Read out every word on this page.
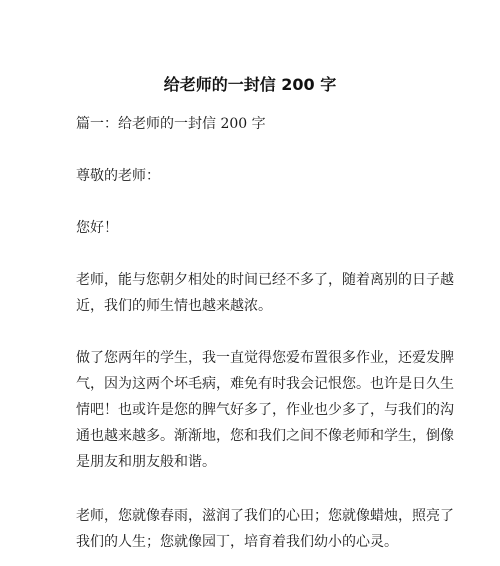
给老师的一封信 200 字
篇一：给老师的一封信 200 字
尊敬的老师：
您好！
老师，能与您朝夕相处的时间已经不多了，随着离别的日子越
近，我们的师生情也越来越浓。
做了您两年的学生，我一直觉得您爱布置很多作业，还爱发脾
气，因为这两个坏毛病，难免有时我会记恨您。也许是日久生
情吧！也或许是您的脾气好多了，作业也少多了，与我们的沟
通也越来越多。渐渐地，您和我们之间不像老师和学生，倒像
是朋友和朋友般和谐。
老师，您就像春雨，滋润了我们的心田；您就像蜡烛，照亮了
我们的人生；您就像园丁，培育着我们幼小的心灵。
